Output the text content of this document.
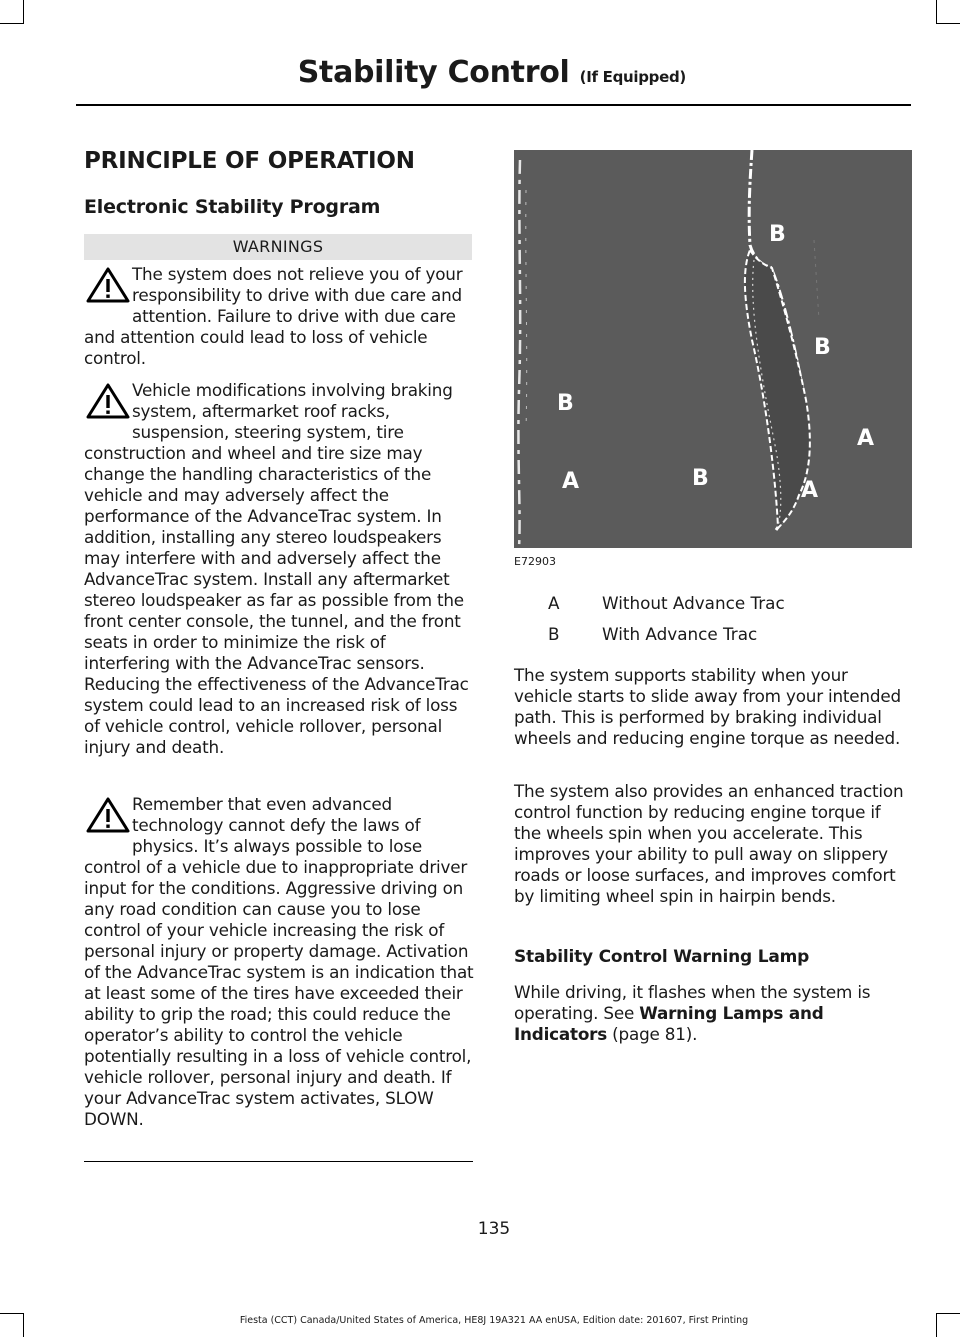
Stability Control (If Equipped)
PRINCIPLE OF OPERATION
Electronic Stability Program
WARNINGS
The system does not relieve you of your responsibility to drive with due care and attention. Failure to drive with due care and attention could lead to loss of vehicle control.
Vehicle modifications involving braking system, aftermarket roof racks, suspension, steering system, tire construction and wheel and tire size may change the handling characteristics of the vehicle and may adversely affect the performance of the AdvanceTrac system. In addition, installing any stereo loudspeakers may interfere with and adversely affect the AdvanceTrac system. Install any aftermarket stereo loudspeaker as far as possible from the front center console, the tunnel, and the front seats in order to minimize the risk of interfering with the AdvanceTrac sensors. Reducing the effectiveness of the AdvanceTrac system could lead to an increased risk of loss of vehicle control, vehicle rollover, personal injury and death.
Remember that even advanced technology cannot defy the laws of physics. It’s always possible to lose control of a vehicle due to inappropriate driver input for the conditions. Aggressive driving on any road condition can cause you to lose control of your vehicle increasing the risk of personal injury or property damage. Activation of the AdvanceTrac system is an indication that at least some of the tires have exceeded their ability to grip the road; this could reduce the operator’s ability to control the vehicle potentially resulting in a loss of vehicle control, vehicle rollover, personal injury and death. If your AdvanceTrac system activates, SLOW DOWN.
B
B
B
A
B
A	A
E72903
A	Without Advance Trac
B	With Advance Trac

The system supports stability when your vehicle starts to slide away from your intended path. This is performed by braking individual wheels and reducing engine torque as needed.

The system also provides an enhanced traction control function by reducing engine torque if the wheels spin when you accelerate. This improves your ability to pull away on slippery roads or loose surfaces, and improves comfort by limiting wheel spin in hairpin bends.

Stability Control Warning Lamp

While driving, it flashes when the system is operating. See Warning Lamps and Indicators (page 81).

135
Fiesta (CCT) Canada/United States of America, HE8J 19A321 AA enUSA, Edition date: 201607, First Printing
